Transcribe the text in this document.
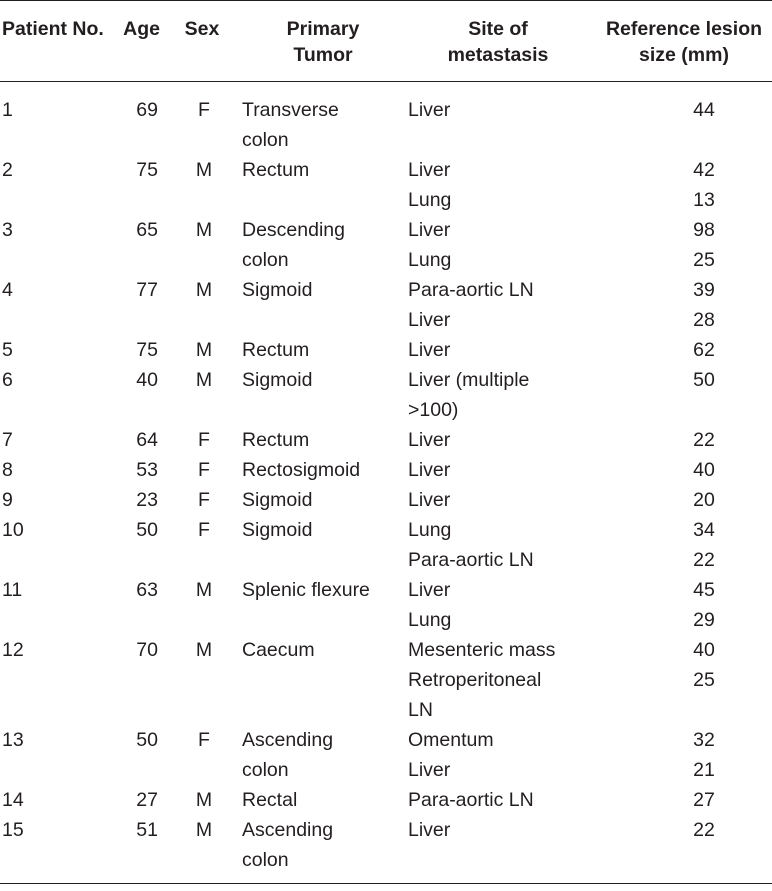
Patient No.	Age	Sex	Primary Tumor	Site of metastasis	Reference lesion size (mm)
1	69	F	Transverse	Liver	44
			colon		
2	75	M	Rectum	Liver	42
				Lung	13
3	65	M	Descending	Liver	98
			colon	Lung	25
4	77	M	Sigmoid	Para-aortic LN	39
				Liver	28
5	75	M	Rectum	Liver	62
6	40	M	Sigmoid	Liver (multiple	50
				>100)	
7	64	F	Rectum	Liver	22
8	53	F	Rectosigmoid	Liver	40
9	23	F	Sigmoid	Liver	20
10	50	F	Sigmoid	Lung	34
				Para-aortic LN	22
11	63	M	Splenic flexure	Liver	45
				Lung	29
12	70	M	Caecum	Mesenteric mass	40
				Retroperitoneal	25
				LN	
13	50	F	Ascending	Omentum	32
			colon	Liver	21
14	27	M	Rectal	Para-aortic LN	27
15	51	M	Ascending	Liver	22
			colon		
